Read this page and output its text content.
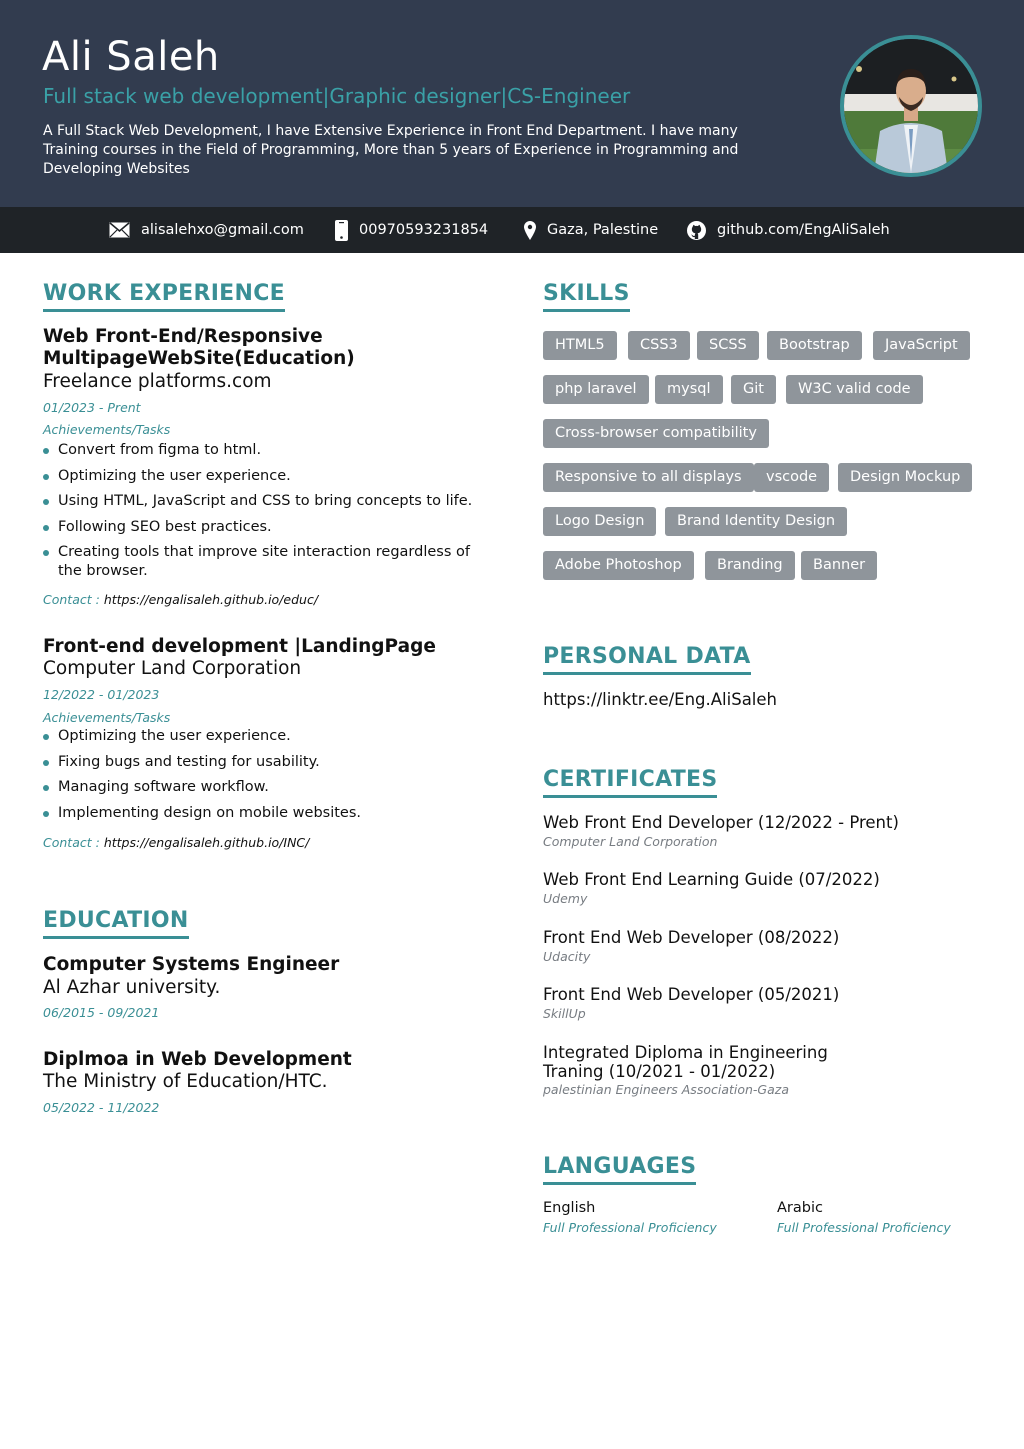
Ali Saleh
Full stack web development|Graphic designer|CS-Engineer
A Full Stack Web Development, I have Extensive Experience in Front End Department. I have many Training courses in the Field of Programming, More than 5 years of Experience in Programming and Developing Websites
alisalehxo@gmail.com	00970593231854	Gaza, Palestine	github.com/EngAliSaleh
WORK EXPERIENCE
Web Front-End/Responsive MultipageWebSite(Education)
Freelance platforms.com
01/2023 - Prent
Achievements/Tasks
Convert from figma to html.
Optimizing the user experience.
Using HTML, JavaScript and CSS to bring concepts to life.
Following SEO best practices.
Creating tools that improve site interaction regardless of the browser.
Contact : https://engalisaleh.github.io/educ/
Front-end development |LandingPage
Computer Land Corporation
12/2022 - 01/2023
Achievements/Tasks
Optimizing the user experience.
Fixing bugs and testing for usability.
Managing software workflow.
Implementing design on mobile websites.
Contact : https://engalisaleh.github.io/INC/
EDUCATION
Computer Systems Engineer
Al Azhar university.
06/2015 - 09/2021
Diplmoa in Web Development
The Ministry of Education/HTC.
05/2022 - 11/2022
SKILLS
HTML5	CSS3	SCSS	Bootstrap	JavaScript
php laravel	mysql	Git	W3C valid code
Cross-browser compatibility
Responsive to all displays	vscode	Design Mockup
Logo Design	Brand Identity Design
Adobe Photoshop	Branding	Banner
PERSONAL DATA
https://linktr.ee/Eng.AliSaleh
CERTIFICATES
Web Front End Developer (12/2022 - Prent)
Computer Land Corporation
Web Front End Learning Guide (07/2022)
Udemy
Front End Web Developer (08/2022)
Udacity
Front End Web Developer (05/2021)
SkillUp
Integrated Diploma in Engineering Traning (10/2021 - 01/2022)
palestinian Engineers Association-Gaza
LANGUAGES
English
Full Professional Proficiency
Arabic
Full Professional Proficiency
